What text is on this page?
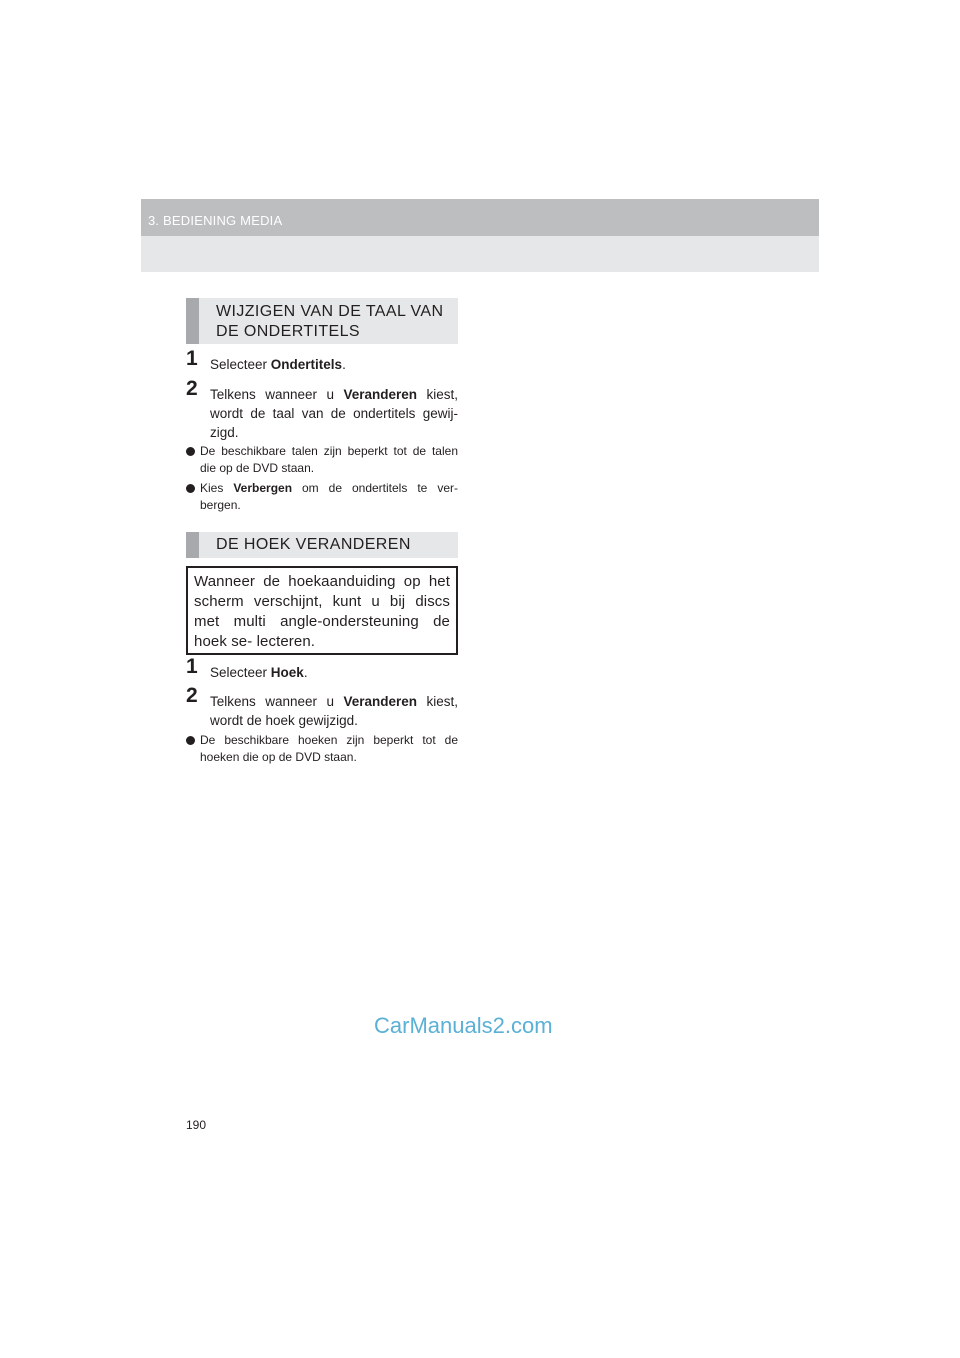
3. BEDIENING MEDIA
WIJZIGEN VAN DE TAAL VAN DE ONDERTITELS
1 Selecteer Ondertitels.
2 Telkens wanneer u Veranderen kiest, wordt de taal van de ondertitels gewij- zigd.
De beschikbare talen zijn beperkt tot de talen die op de DVD staan.
Kies Verbergen om de ondertitels te ver- bergen.
DE HOEK VERANDEREN
Wanneer de hoekaanduiding op het scherm verschijnt, kunt u bij discs met multi angle-ondersteuning de hoek se- lecteren.
1 Selecteer Hoek.
2 Telkens wanneer u Veranderen kiest, wordt de hoek gewijzigd.
De beschikbare hoeken zijn beperkt tot de hoeken die op de DVD staan.
CarManuals2.com
190
